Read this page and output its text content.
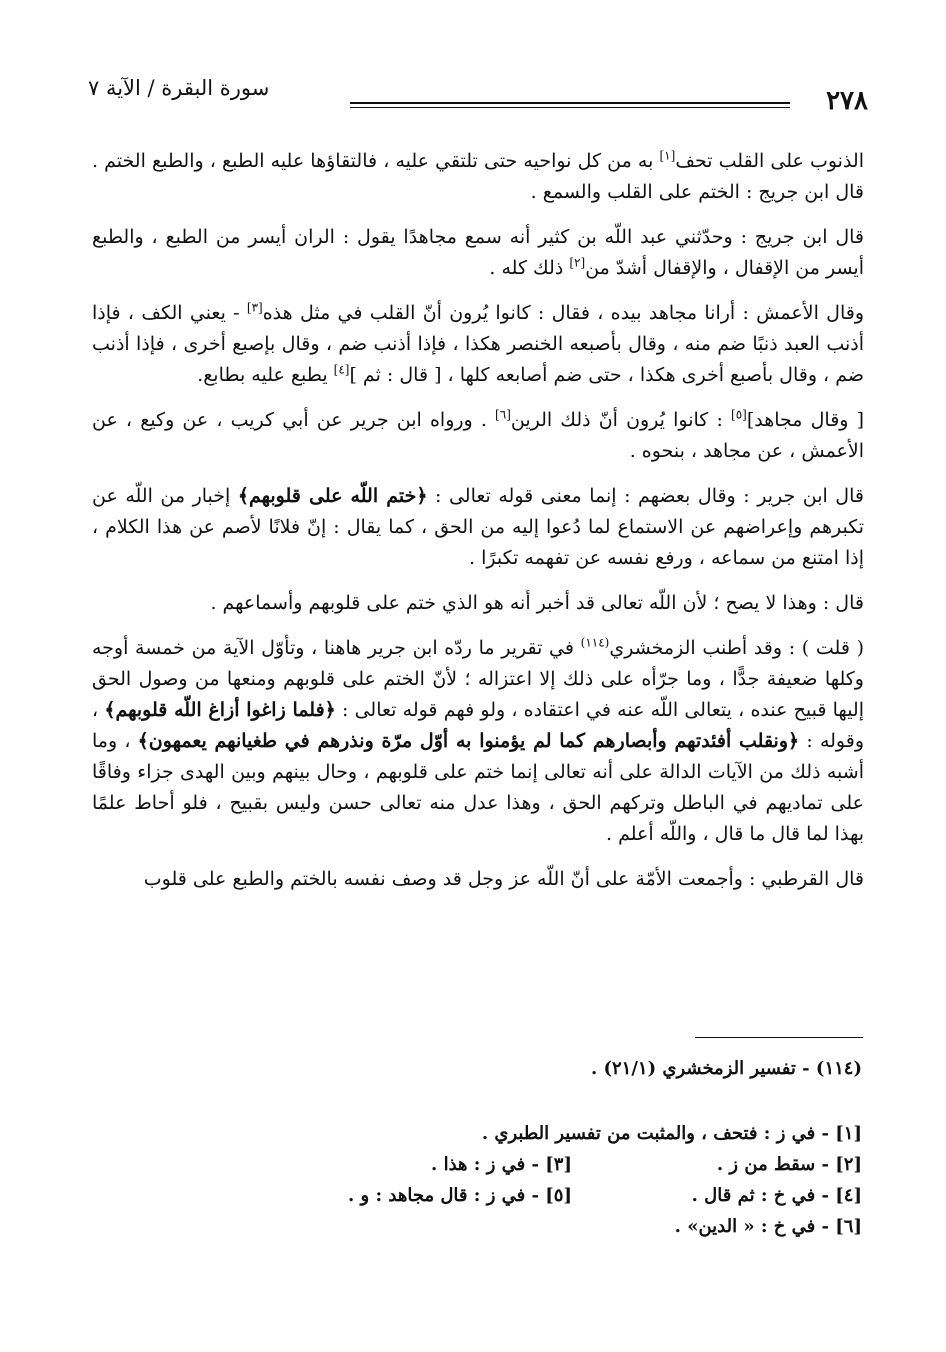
٢٧٨
سورة البقرة / الآية ٧

الذنوب على القلب تحف[١] به من كل نواحيه حتى تلتقي عليه ، فالتقاؤها عليه الطبع ، والطبع الختم . قال ابن جريج : الختم على القلب والسمع .

قال ابن جريج : وحدّثني عبد اللّه بن كثير أنه سمع مجاهدًا يقول : الران أيسر من الطبع ، والطبع أيسر من الإقفال ، والإقفال أشدّ من[٢] ذلك كله .

وقال الأعمش : أرانا مجاهد بيده ، فقال : كانوا يُرون أنّ القلب في مثل هذه[٣] - يعني الكف ، فإذا أذنب العبد ذنبًا ضم منه ، وقال بأصبعه الخنصر هكذا ، فإذا أذنب ضم ، وقال بإصبع أخرى ، فإذا أذنب ضم ، وقال بأصبع أخرى هكذا ، حتى ضم أصابعه كلها ، [ قال : ثم ][٤] يطبع عليه بطابع.

[ وقال مجاهد][٥] : كانوا يُرون أنّ ذلك الرين[٦] . ورواه ابن جرير عن أبي كريب ، عن وكيع ، عن الأعمش ، عن مجاهد ، بنحوه .

قال ابن جرير : وقال بعضهم : إنما معنى قوله تعالى : ﴿ختم اللّه على قلوبهم﴾ إخبار من اللّه عن تكبرهم وإعراضهم عن الاستماع لما دُعوا إليه من الحق ، كما يقال : إنّ فلانًا لأصم عن هذا الكلام ، إذا امتنع من سماعه ، ورفع نفسه عن تفهمه تكبرًا .

قال : وهذا لا يصح ؛ لأن اللّه تعالى قد أخبر أنه هو الذي ختم على قلوبهم وأسماعهم .

( قلت ) : وقد أطنب الزمخشري$^{(١١٤)}$ في تقرير ما ردّه ابن جرير هاهنا ، وتأوّل الآية من خمسة أوجه وكلها ضعيفة جدًّا ، وما جرّأه على ذلك إلا اعتزاله ؛ لأنّ الختم على قلوبهم ومنعها من وصول الحق إليها قبيح عنده ، يتعالى اللّه عنه في اعتقاده ، ولو فهم قوله تعالى : ﴿فلما زاغوا أزاغ اللّه قلوبهم﴾ ، وقوله : ﴿ونقلب أفئدتهم وأبصارهم كما لم يؤمنوا به أوّل مرّة ونذرهم في طغيانهم يعمهون﴾ ، وما أشبه ذلك من الآيات الدالة على أنه تعالى إنما ختم على قلوبهم ، وحال بينهم وبين الهدى جزاء وفاقًا على تماديهم في الباطل وتركهم الحق ، وهذا عدل منه تعالى حسن وليس بقبيح ، فلو أحاط علمًا بهذا لما قال ما قال ، واللّه أعلم .

قال القرطبي : وأجمعت الأمّة على أنّ اللّه عز وجل قد وصف نفسه بالختم والطبع على قلوب

(١١٤) - تفسير الزمخشري (٢١/١) .
[١] - في ز : فتحف ، والمثبت من تفسير الطبري .
[٢] - سقط من ز .
[٣] - في ز : هذا .
[٤] - في خ : ثم قال .
[٥] - في ز : قال مجاهد : و .
[٦] - في خ : « الدين» .
